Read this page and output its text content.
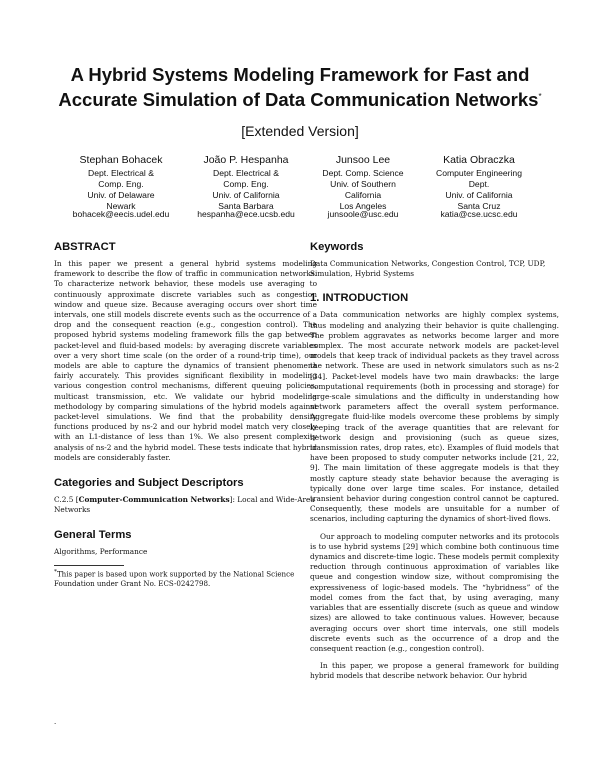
A Hybrid Systems Modeling Framework for Fast and
Accurate Simulation of Data Communication Networks*
[Extended Version]
Stephan Bohacek
Dept. Electrical &
Comp. Eng.
Univ. of Delaware
Newark
bohacek@eecis.udel.edu
João P. Hespanha
Dept. Electrical &
Comp. Eng.
Univ. of California
Santa Barbara
hespanha@ece.ucsb.edu
Junsoo Lee
Dept. Comp. Science
Univ. of Southern
California
Los Angeles
junsoole@usc.edu
Katia Obraczka
Computer Engineering
Dept.
Univ. of California
Santa Cruz
katia@cse.ucsc.edu
ABSTRACT

In this paper we present a general hybrid systems modeling framework to describe the flow of traffic in communication networks. To characterize network behavior, these models use averaging to continuously approximate discrete variables such as congestion window and queue size. Because averaging occurs over short time intervals, one still models discrete events such as the occurrence of a drop and the consequent reaction (e.g., congestion control). The proposed hybrid systems modeling framework fills the gap between packet-level and fluid-based models: by averaging discrete variables over a very short time scale (on the order of a round-trip time), our models are able to capture the dynamics of transient phenomena fairly accurately. This provides significant flexibility in modeling various congestion control mechanisms, different queuing policies, multicast transmission, etc. We validate our hybrid modeling methodology by comparing simulations of the hybrid models against packet-level simulations. We find that the probability density functions produced by ns-2 and our hybrid model match very closely with an L1-distance of less than 1%. We also present complexity analysis of ns-2 and the hybrid model. These tests indicate that hybrid models are considerably faster.

Categories and Subject Descriptors

C.2.5 [Computer-Communication Networks]: Local and Wide-Area Networks

General Terms

Algorithms, Performance

*This paper is based upon work supported by the National Science Foundation under Grant No. ECS-0242798.

.
Keywords

Data Communication Networks, Congestion Control, TCP, UDP, Simulation, Hybrid Systems

1. INTRODUCTION

Data communication networks are highly complex systems, thus modeling and analyzing their behavior is quite challenging. The problem aggravates as networks become larger and more complex. The most accurate network models are packet-level models that keep track of individual packets as they travel across the network. These are used in network simulators such as ns-2 [34]. Packet-level models have two main drawbacks: the large computational requirements (both in processing and storage) for large-scale simulations and the difficulty in understanding how network parameters affect the overall system performance. Aggregate fluid-like models overcome these problems by simply keeping track of the average quantities that are relevant for network design and provisioning (such as queue sizes, transmission rates, drop rates, etc). Examples of fluid models that have been proposed to study computer networks include [21, 22, 9]. The main limitation of these aggregate models is that they mostly capture steady state behavior because the averaging is typically done over large time scales. For instance, detailed transient behavior during congestion control cannot be captured. Consequently, these models are unsuitable for a number of scenarios, including capturing the dynamics of short-lived flows.

Our approach to modeling computer networks and its protocols is to use hybrid systems [29] which combine both continuous time dynamics and discrete-time logic. These models permit complexity reduction through continuous approximation of variables like queue and congestion window size, without compromising the expressiveness of logic-based models. The “hybridness” of the model comes from the fact that, by using averaging, many variables that are essentially discrete (such as queue and window sizes) are allowed to take continuous values. However, because averaging occurs over short time intervals, one still models discrete events such as the occurrence of a drop and the consequent reaction (e.g., congestion control).

In this paper, we propose a general framework for building hybrid models that describe network behavior. Our hybrid
